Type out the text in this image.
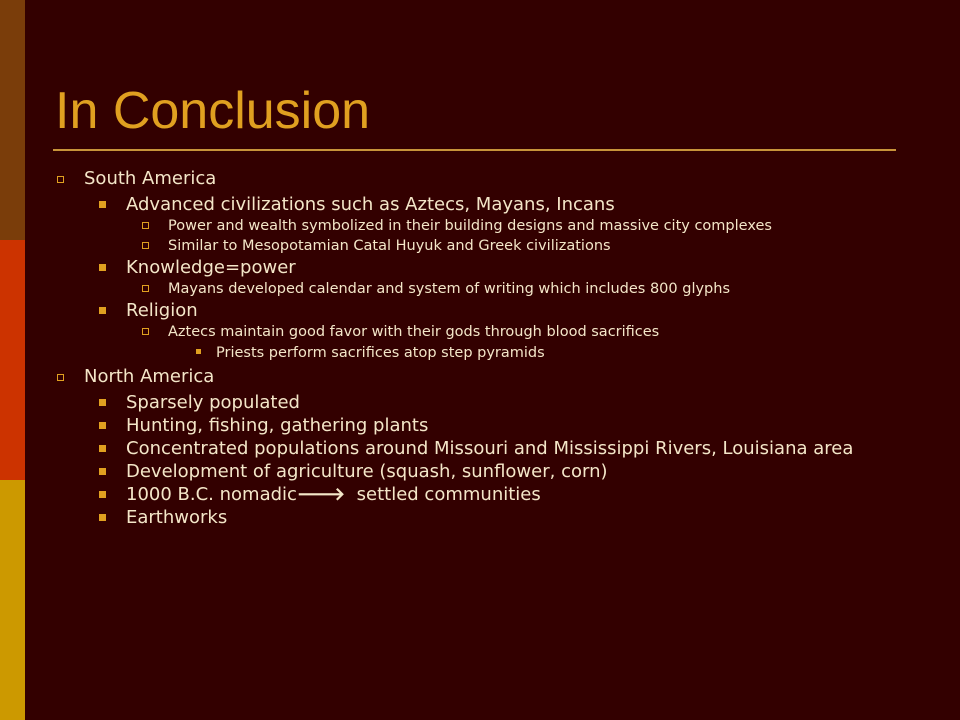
In Conclusion
South America
Advanced civilizations such as Aztecs, Mayans, Incans
Power and wealth symbolized in their building designs and massive city complexes
Similar to Mesopotamian Catal Huyuk and Greek civilizations
Knowledge=power
Mayans developed calendar and system of writing which includes 800 glyphs
Religion
Aztecs maintain good favor with their gods through blood sacrifices
Priests perform sacrifices atop step pyramids
North America
Sparsely populated
Hunting, fishing, gathering plants
Concentrated populations around Missouri and Mississippi Rivers, Louisiana area
Development of agriculture (squash, sunflower, corn)
1000 B.C. nomadic🡒  settled communities
Earthworks
